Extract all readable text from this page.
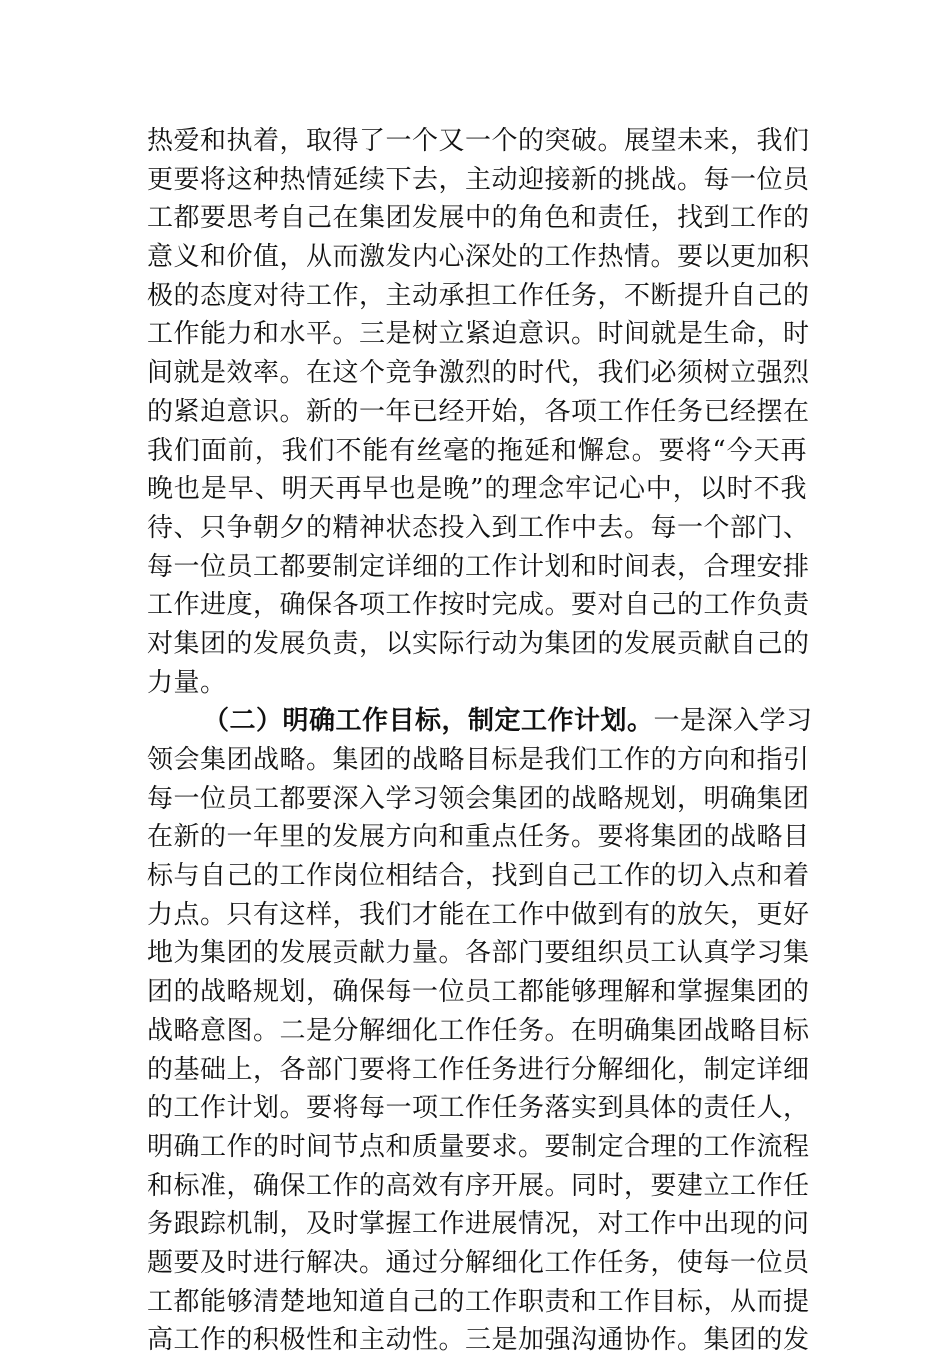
热爱和执着，取得了一个又一个的突破。展望未来，我们
更要将这种热情延续下去，主动迎接新的挑战。每一位员
工都要思考自己在集团发展中的角色和责任，找到工作的
意义和价值，从而激发内心深处的工作热情。要以更加积
极的态度对待工作，主动承担工作任务，不断提升自己的
工作能力和水平。三是树立紧迫意识。时间就是生命，时
间就是效率。在这个竞争激烈的时代，我们必须树立强烈
的紧迫意识。新的一年已经开始，各项工作任务已经摆在
我们面前，我们不能有丝毫的拖延和懈怠。要将“今天再
晚也是早、明天再早也是晚”的理念牢记心中，以时不我
待、只争朝夕的精神状态投入到工作中去。每一个部门、
每一位员工都要制定详细的工作计划和时间表，合理安排
工作进度，确保各项工作按时完成。要对自己的工作负责
对集团的发展负责，以实际行动为集团的发展贡献自己的
力量。
（二）明确工作目标，制定工作计划。一是深入学习
领会集团战略。集团的战略目标是我们工作的方向和指引
每一位员工都要深入学习领会集团的战略规划，明确集团
在新的一年里的发展方向和重点任务。要将集团的战略目
标与自己的工作岗位相结合，找到自己工作的切入点和着
力点。只有这样，我们才能在工作中做到有的放矢，更好
地为集团的发展贡献力量。各部门要组织员工认真学习集
团的战略规划，确保每一位员工都能够理解和掌握集团的
战略意图。二是分解细化工作任务。在明确集团战略目标
的基础上，各部门要将工作任务进行分解细化，制定详细
的工作计划。要将每一项工作任务落实到具体的责任人，
明确工作的时间节点和质量要求。要制定合理的工作流程
和标准，确保工作的高效有序开展。同时，要建立工作任
务跟踪机制，及时掌握工作进展情况，对工作中出现的问
题要及时进行解决。通过分解细化工作任务，使每一位员
工都能够清楚地知道自己的工作职责和工作目标，从而提
高工作的积极性和主动性。三是加强沟通协作。集团的发
